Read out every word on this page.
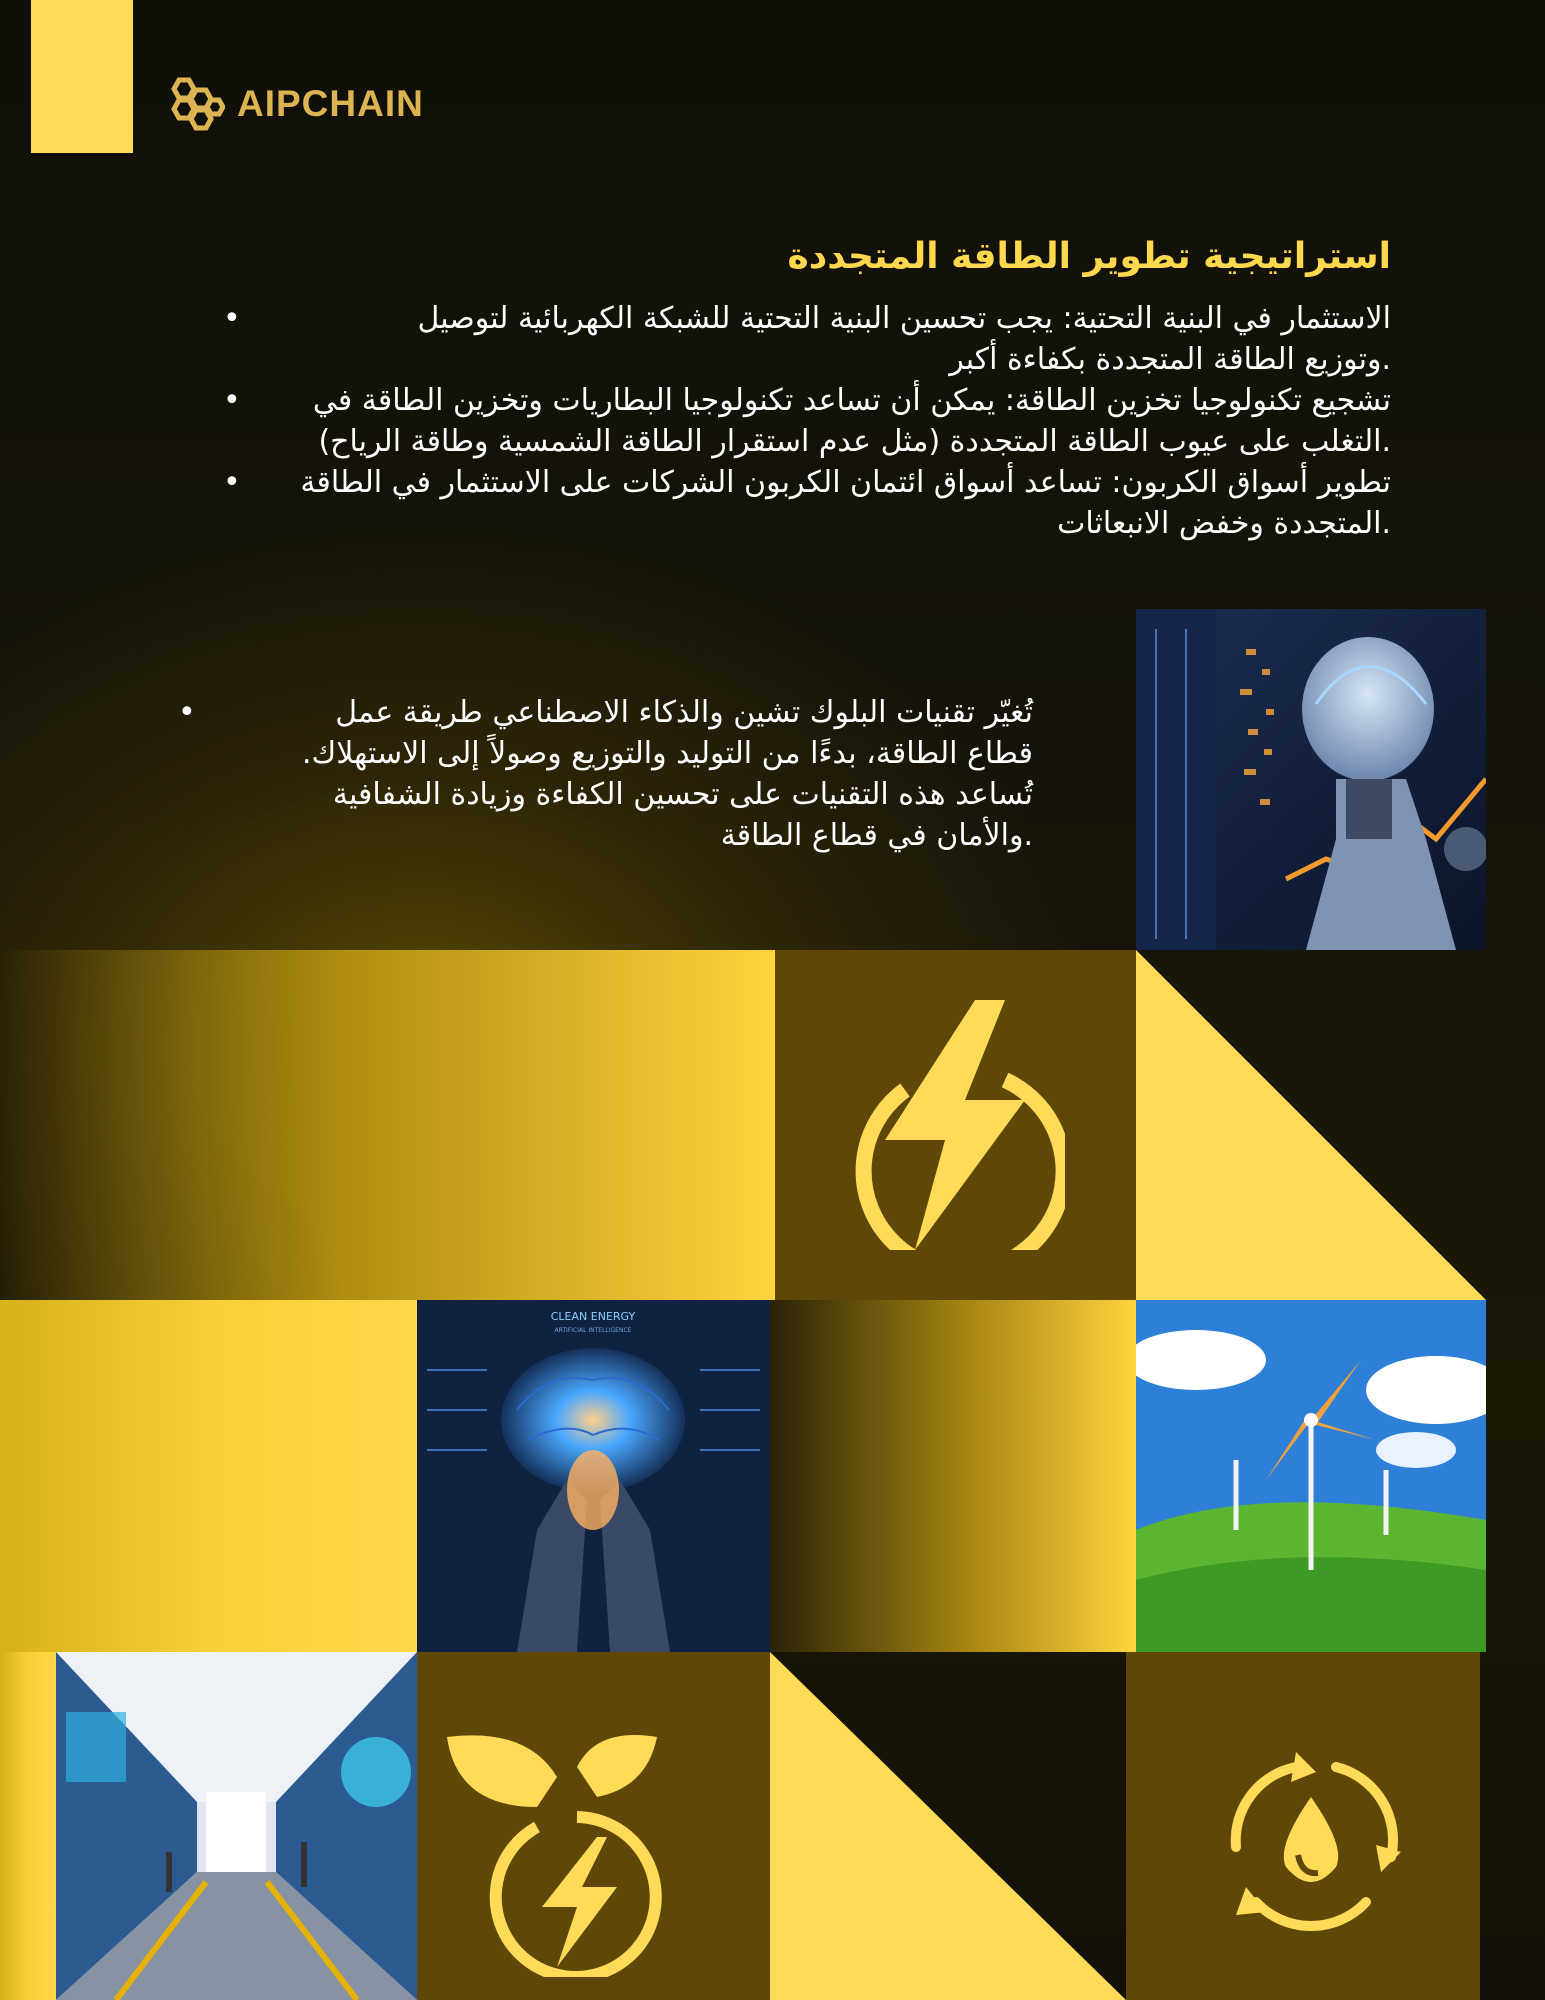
AIPCHAIN
استراتيجية تطوير الطاقة المتجددة
•	الاستثمار في البنية التحتية: يجب تحسين البنية التحتية للشبكة الكهربائية لتوصيل
.وتوزيع الطاقة المتجددة بكفاءة أكبر
•	تشجيع تكنولوجيا تخزين الطاقة: يمكن أن تساعد تكنولوجيا البطاريات وتخزين الطاقة في
.التغلب على عيوب الطاقة المتجددة (مثل عدم استقرار الطاقة الشمسية وطاقة الرياح)
•	تطوير أسواق الكربون: تساعد أسواق ائتمان الكربون الشركات على الاستثمار في الطاقة
.المتجددة وخفض الانبعاثات

•	تُغيّر تقنيات البلوك تشين والذكاء الاصطناعي طريقة عمل

قطاع الطاقة، بدءًا من التوليد والتوزيع وصولاً إلى الاستهلاك.

تُساعد هذه التقنيات على تحسين الكفاءة وزيادة الشفافية

.والأمان في قطاع الطاقة

CLEAN ENERGY
ARTIFICIAL INTELLIGENCE
